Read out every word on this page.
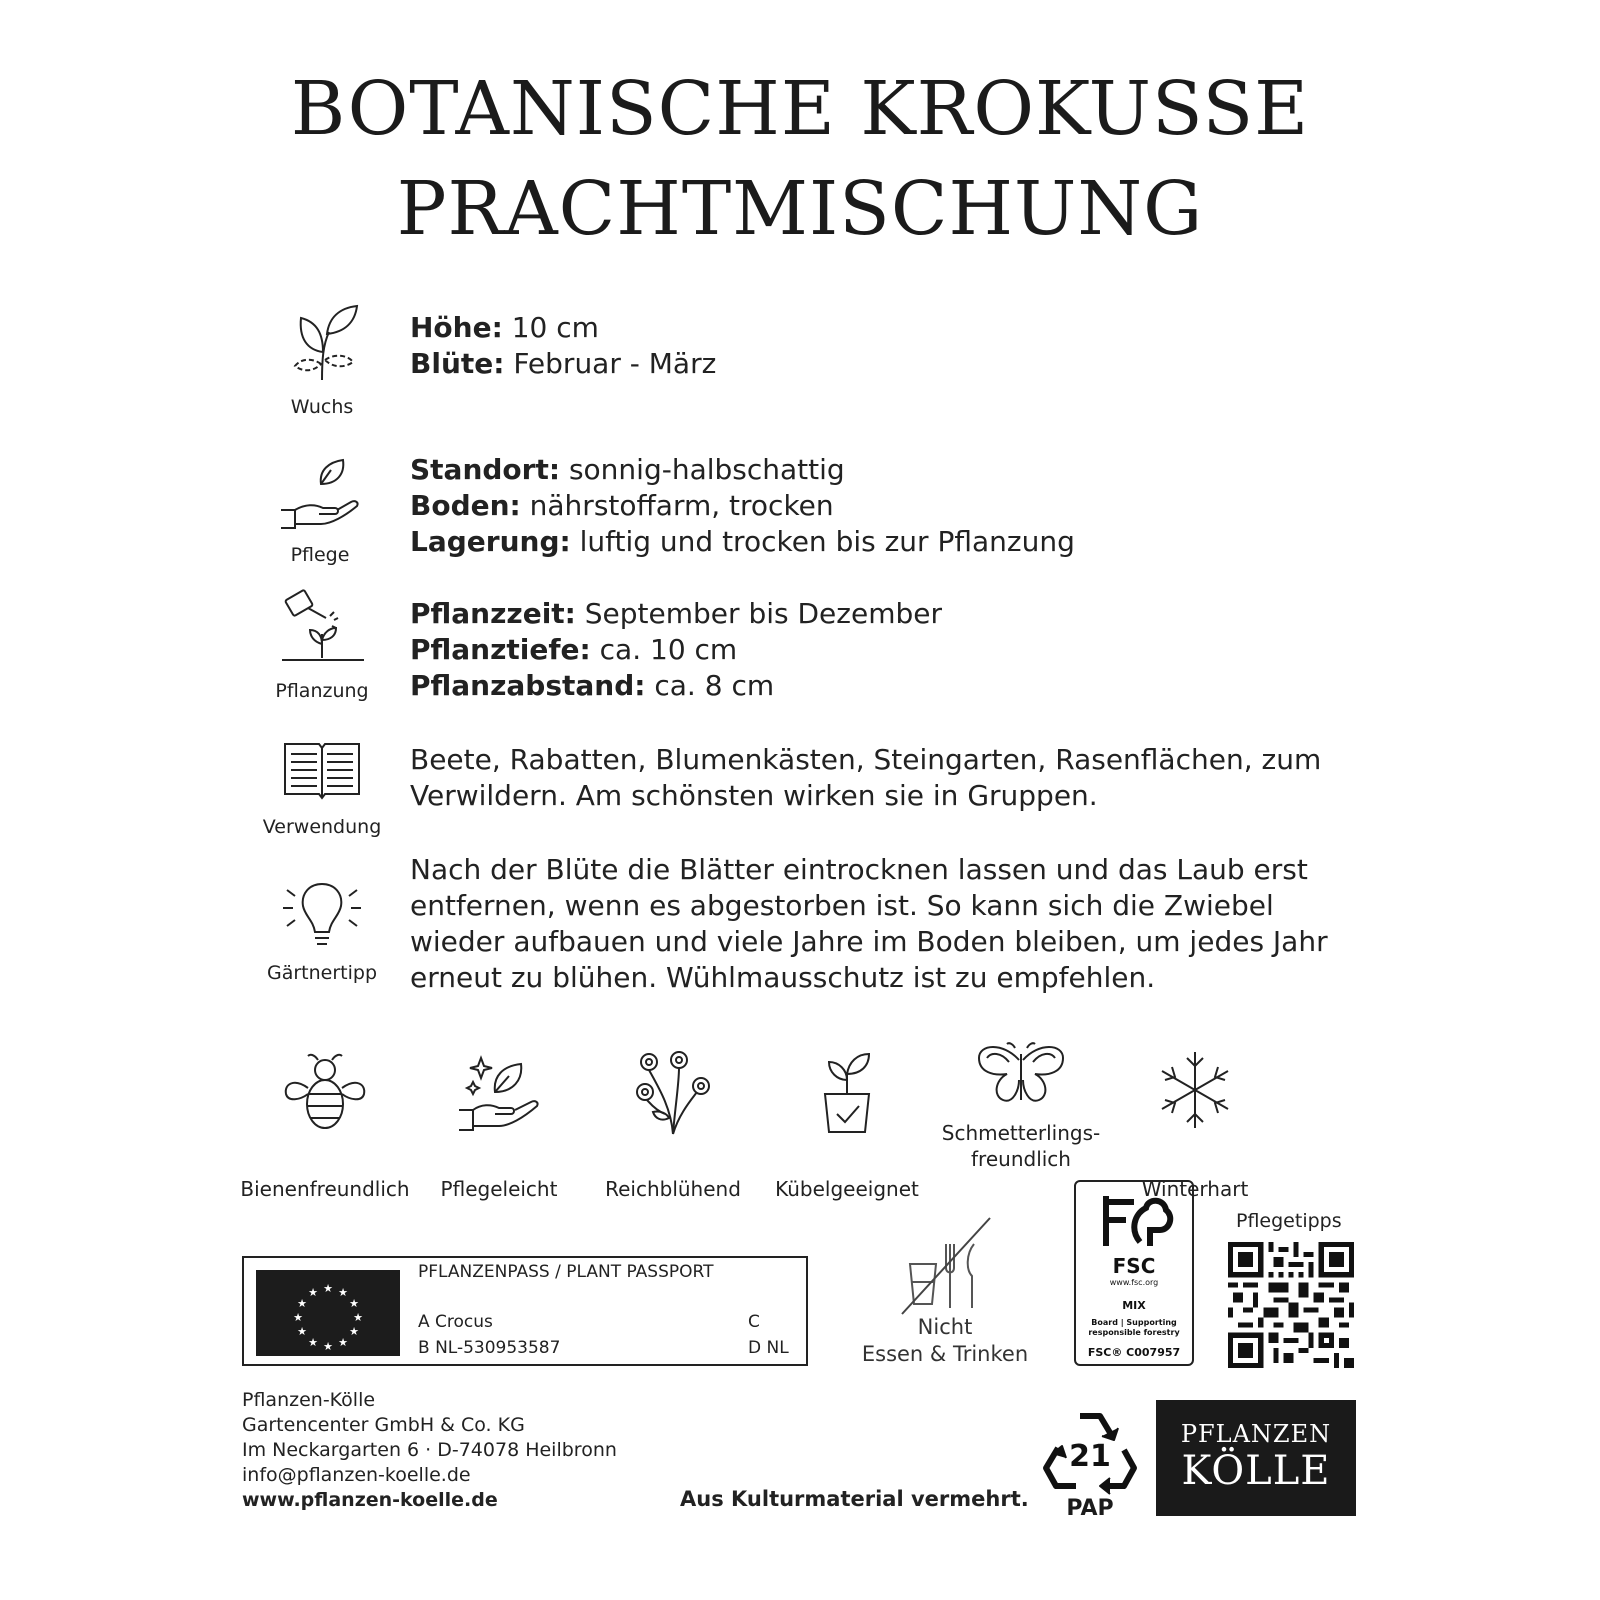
BOTANISCHE KROKUSSE
PRACHTMISCHUNG
Wuchs
Höhe: 10 cm
Blüte: Februar - März
Pflege
Standort: sonnig-halbschattig
Boden: nährstoffarm, trocken
Lagerung: luftig und trocken bis zur Pflanzung
Pflanzung
Pflanzzeit: September bis Dezember
Pflanztiefe: ca. 10 cm
Pflanzabstand: ca. 8 cm
Verwendung
Beete, Rabatten, Blumenkästen, Steingarten, Rasenflächen, zum Verwildern. Am schönsten wirken sie in Gruppen.
Gärtnertipp
Nach der Blüte die Blätter eintrocknen lassen und das Laub erst entfernen, wenn es abgestorben ist. So kann sich die Zwiebel wieder aufbauen und viele Jahre im Boden bleiben, um jedes Jahr erneut zu blühen. Wühlmausschutz ist zu empfehlen.
Bienenfreundlich	Pflegeleicht	Reichblühend	Kübelgeeignet
Schmetterlings-
freundlich
Winterhart
★ ★
★
★
★
★
★
★
★
★
★
★
PFLANZENPASS / PLANT PASSPORT
A Crocus
B NL-530953587
C
D NL
Nicht
Essen & Trinken
FSC
www.fsc.org
MIX
Board | Supporting
responsible forestry
FSC® C007957
Pflegetipps
Pflanzen-Kölle
Gartencenter GmbH & Co. KG
Im Neckargarten 6 · D-74078 Heilbronn
info@pflanzen-koelle.de
www.pflanzen-koelle.de	Aus Kulturmaterial vermehrt.
21
PAP
PFLANZEN
KÖLLE
